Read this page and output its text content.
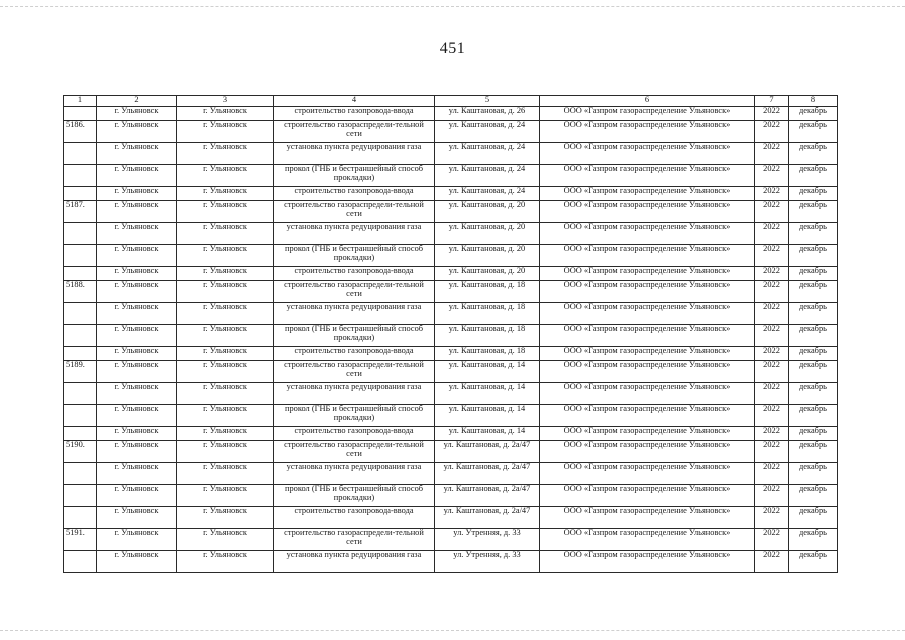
451
1	2	3	4	5	6	7	8
	г. Ульяновск	г. Ульяновск	строительство газопровода-ввода	ул. Каштановая, д. 26	ООО «Газпром газораспределение Ульяновск»	2022	декабрь
5186.	г. Ульяновск	г. Ульяновск	строительство газораспредели-тельной сети	ул. Каштановая, д. 24	ООО «Газпром газораспределение Ульяновск»	2022	декабрь
	г. Ульяновск	г. Ульяновск	установка пункта редуцирования газа	ул. Каштановая, д. 24	ООО «Газпром газораспределение Ульяновск»	2022	декабрь
	г. Ульяновск	г. Ульяновск	прокол (ГНБ и бестраншейный способ прокладки)	ул. Каштановая, д. 24	ООО «Газпром газораспределение Ульяновск»	2022	декабрь
	г. Ульяновск	г. Ульяновск	строительство газопровода-ввода	ул. Каштановая, д. 24	ООО «Газпром газораспределение Ульяновск»	2022	декабрь
5187.	г. Ульяновск	г. Ульяновск	строительство газораспредели-тельной сети	ул. Каштановая, д. 20	ООО «Газпром газораспределение Ульяновск»	2022	декабрь
	г. Ульяновск	г. Ульяновск	установка пункта редуцирования газа	ул. Каштановая, д. 20	ООО «Газпром газораспределение Ульяновск»	2022	декабрь
	г. Ульяновск	г. Ульяновск	прокол (ГНБ и бестраншейный способ прокладки)	ул. Каштановая, д. 20	ООО «Газпром газораспределение Ульяновск»	2022	декабрь
	г. Ульяновск	г. Ульяновск	строительство газопровода-ввода	ул. Каштановая, д. 20	ООО «Газпром газораспределение Ульяновск»	2022	декабрь
5188.	г. Ульяновск	г. Ульяновск	строительство газораспредели-тельной сети	ул. Каштановая, д. 18	ООО «Газпром газораспределение Ульяновск»	2022	декабрь
	г. Ульяновск	г. Ульяновск	установка пункта редуцирования газа	ул. Каштановая, д. 18	ООО «Газпром газораспределение Ульяновск»	2022	декабрь
	г. Ульяновск	г. Ульяновск	прокол (ГНБ и бестраншейный способ прокладки)	ул. Каштановая, д. 18	ООО «Газпром газораспределение Ульяновск»	2022	декабрь
	г. Ульяновск	г. Ульяновск	строительство газопровода-ввода	ул. Каштановая, д. 18	ООО «Газпром газораспределение Ульяновск»	2022	декабрь
5189.	г. Ульяновск	г. Ульяновск	строительство газораспредели-тельной сети	ул. Каштановая, д. 14	ООО «Газпром газораспределение Ульяновск»	2022	декабрь
	г. Ульяновск	г. Ульяновск	установка пункта редуцирования газа	ул. Каштановая, д. 14	ООО «Газпром газораспределение Ульяновск»	2022	декабрь
	г. Ульяновск	г. Ульяновск	прокол (ГНБ и бестраншейный способ прокладки)	ул. Каштановая, д. 14	ООО «Газпром газораспределение Ульяновск»	2022	декабрь
	г. Ульяновск	г. Ульяновск	строительство газопровода-ввода	ул. Каштановая, д. 14	ООО «Газпром газораспределение Ульяновск»	2022	декабрь
5190.	г. Ульяновск	г. Ульяновск	строительство газораспредели-тельной сети	ул. Каштановая, д. 2а/47	ООО «Газпром газораспределение Ульяновск»	2022	декабрь
	г. Ульяновск	г. Ульяновск	установка пункта редуцирования газа	ул. Каштановая, д. 2а/47	ООО «Газпром газораспределение Ульяновск»	2022	декабрь
	г. Ульяновск	г. Ульяновск	прокол (ГНБ и бестраншейный способ прокладки)	ул. Каштановая, д. 2а/47	ООО «Газпром газораспределение Ульяновск»	2022	декабрь
	г. Ульяновск	г. Ульяновск	строительство газопровода-ввода	ул. Каштановая, д. 2а/47	ООО «Газпром газораспределение Ульяновск»	2022	декабрь
5191.	г. Ульяновск	г. Ульяновск	строительство газораспредели-тельной сети	ул. Утренняя, д. 33	ООО «Газпром газораспределение Ульяновск»	2022	декабрь
	г. Ульяновск	г. Ульяновск	установка пункта редуцирования газа	ул. Утренняя, д. 33	ООО «Газпром газораспределение Ульяновск»	2022	декабрь
